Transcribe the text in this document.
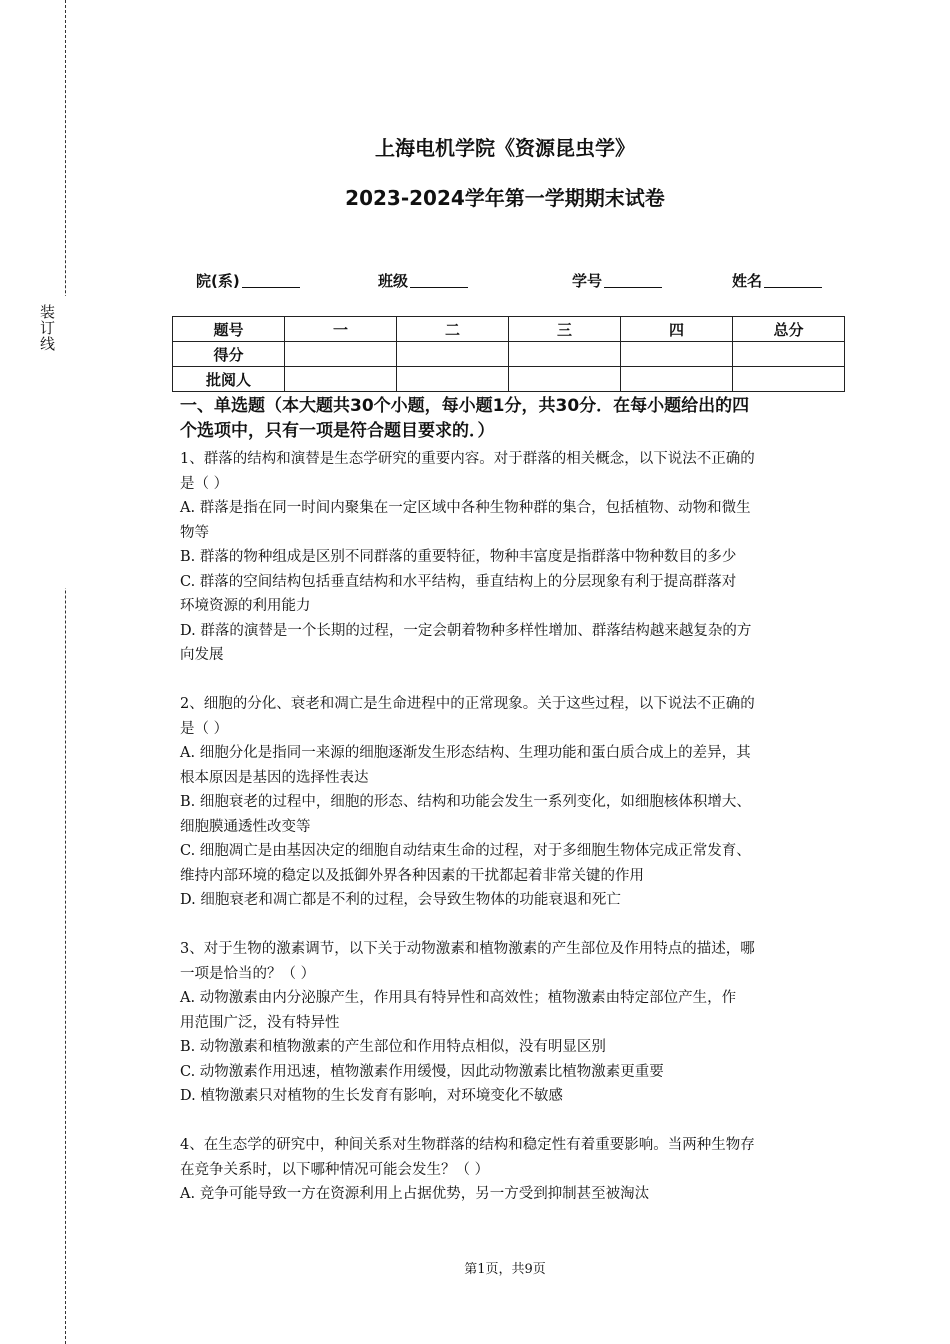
装订线
上海电机学院《资源昆虫学》
2023-2024学年第一学期期末试卷
院(系)	班级	学号	姓名
题号	一	二	三	四	总分
得分					
批阅人					

一、单选题（本大题共30个小题，每小题1分，共30分．在每小题给出的四

个选项中，只有一项是符合题目要求的．）

1、群落的结构和演替是生态学研究的重要内容。对于群落的相关概念，以下说法不正确的

是（ ）

A. 群落是指在同一时间内聚集在一定区域中各种生物种群的集合，包括植物、动物和微生

物等

B. 群落的物种组成是区别不同群落的重要特征，物种丰富度是指群落中物种数目的多少

C. 群落的空间结构包括垂直结构和水平结构，垂直结构上的分层现象有利于提高群落对

环境资源的利用能力

D. 群落的演替是一个长期的过程，一定会朝着物种多样性增加、群落结构越来越复杂的方

向发展

2、细胞的分化、衰老和凋亡是生命进程中的正常现象。关于这些过程，以下说法不正确的

是（ ）

A. 细胞分化是指同一来源的细胞逐渐发生形态结构、生理功能和蛋白质合成上的差异，其

根本原因是基因的选择性表达

B. 细胞衰老的过程中，细胞的形态、结构和功能会发生一系列变化，如细胞核体积增大、

细胞膜通透性改变等

C. 细胞凋亡是由基因决定的细胞自动结束生命的过程，对于多细胞生物体完成正常发育、

维持内部环境的稳定以及抵御外界各种因素的干扰都起着非常关键的作用

D. 细胞衰老和凋亡都是不利的过程，会导致生物体的功能衰退和死亡

3、对于生物的激素调节，以下关于动物激素和植物激素的产生部位及作用特点的描述，哪

一项是恰当的？（ ）

A. 动物激素由内分泌腺产生，作用具有特异性和高效性；植物激素由特定部位产生，作

用范围广泛，没有特异性

B. 动物激素和植物激素的产生部位和作用特点相似，没有明显区别

C. 动物激素作用迅速，植物激素作用缓慢，因此动物激素比植物激素更重要

D. 植物激素只对植物的生长发育有影响，对环境变化不敏感

4、在生态学的研究中，种间关系对生物群落的结构和稳定性有着重要影响。当两种生物存

在竞争关系时，以下哪种情况可能会发生？（ ）

A. 竞争可能导致一方在资源利用上占据优势，另一方受到抑制甚至被淘汰

第1页，共9页
